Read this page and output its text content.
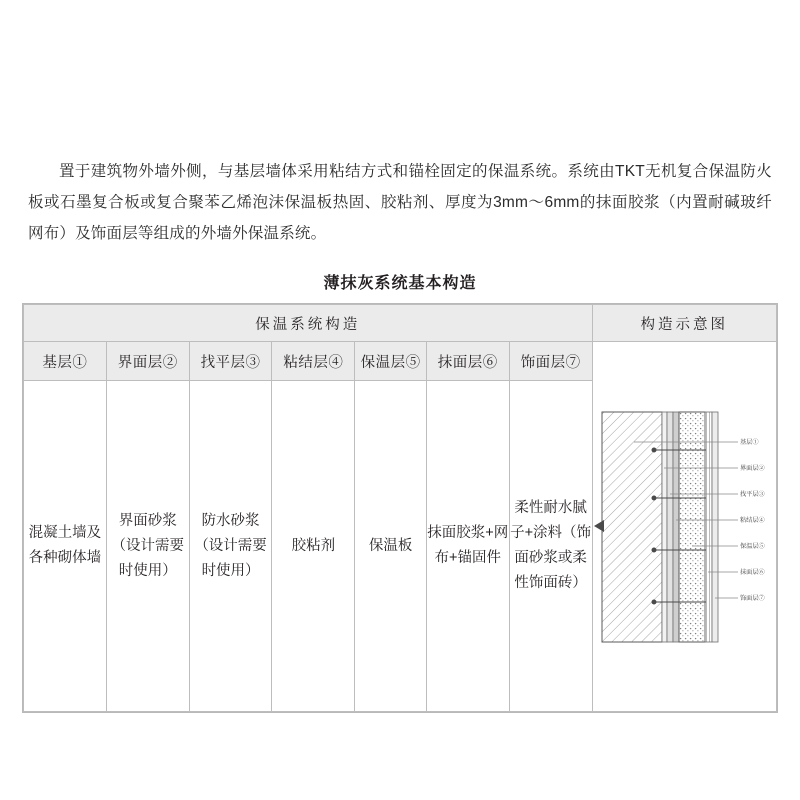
置于建筑物外墙外侧，与基层墙体采用粘结方式和锚栓固定的保温系统。系统由TKT无机复合保温防火板或石墨复合板或复合聚苯乙烯泡沫保温板热固、胶粘剂、厚度为3mm～6mm的抹面胶浆（内置耐碱玻纤网布）及饰面层等组成的外墙外保温系统。

薄抹灰系统基本构造
保温系统构造							构造示意图
基层①	界面层②	找平层③	粘结层④	保温层⑤	抹面层⑥	饰面层⑦	
基层①
界面层②
找平层③
粘结层④
保温层⑤
抹面层⑥
饰面层⑦

混凝土墙及各种砌体墙	界面砂浆（设计需要时使用）	防水砂浆（设计需要时使用）	胶粘剂	保温板	抹面胶浆+网布+锚固件	柔性耐水腻子+涂料（饰面砂浆或柔性饰面砖）	
